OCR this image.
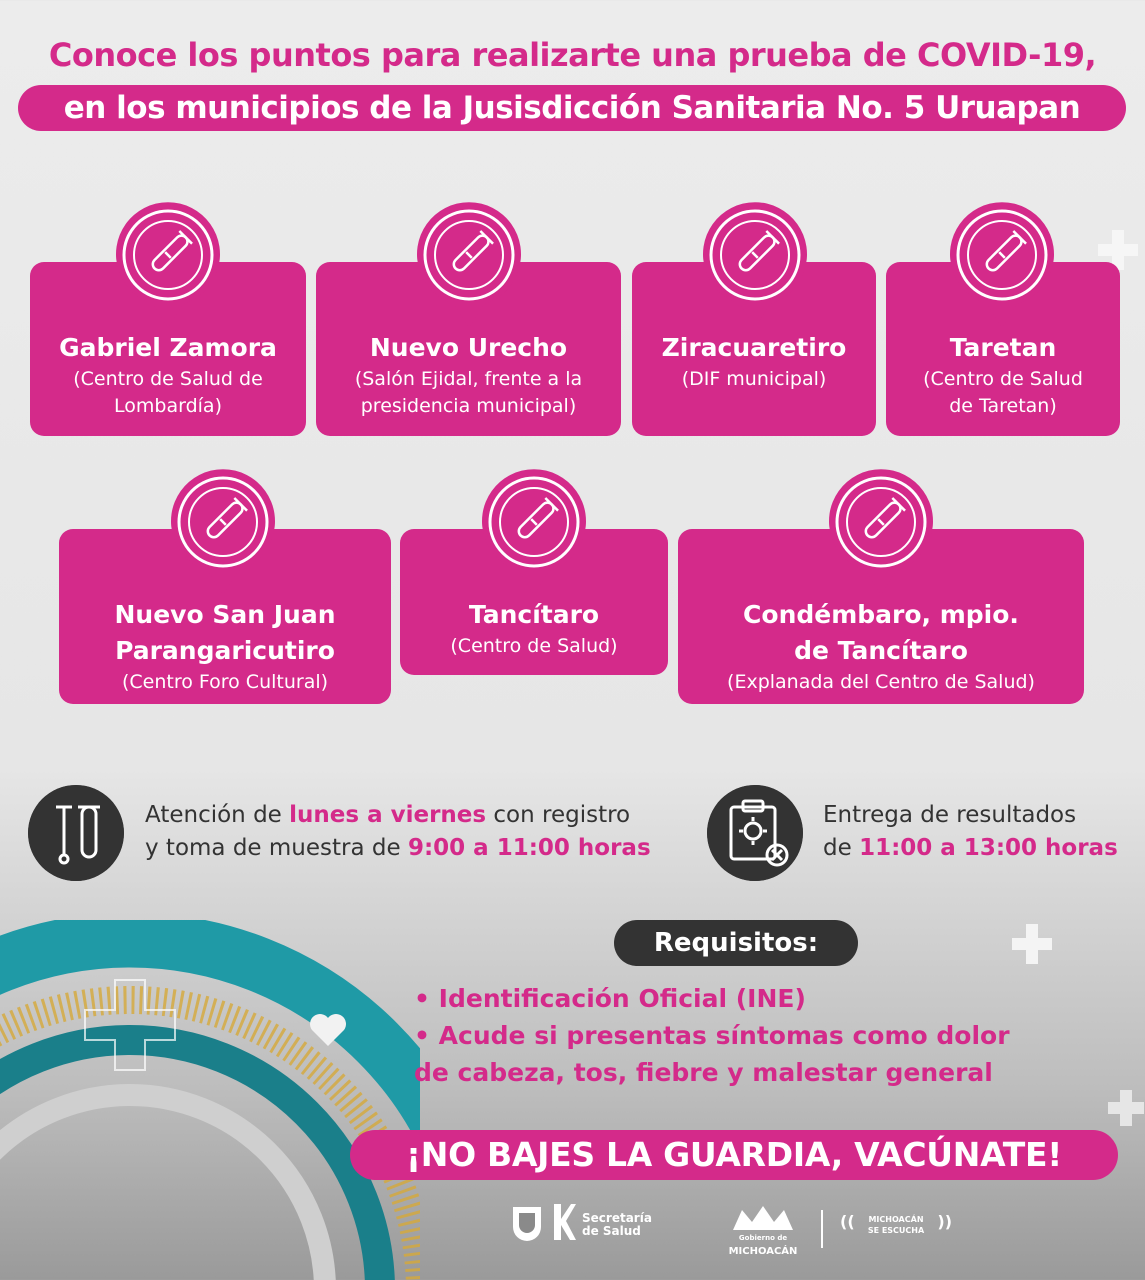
Conoce los puntos para realizarte una prueba de COVID-19,
en los municipios de la Jusisdicción Sanitaria No. 5 Uruapan
Gabriel Zamora
(Centro de Salud de
Lombardía)
Nuevo Urecho
(Salón Ejidal, frente a la
presidencia municipal)
Ziracuaretiro
(DIF municipal)
Taretan
(Centro de Salud
de Taretan)
Nuevo San Juan
Parangaricutiro
(Centro Foro Cultural)
Tancítaro
(Centro de Salud)
Condémbaro, mpio.
de Tancítaro
(Explanada del Centro de Salud)
Atención de lunes a viernes con registro
y toma de muestra de 9:00 a 11:00 horas
Entrega de resultados
de 11:00 a 13:00 horas
Requisitos:
• Identificación Oficial (INE)
• Acude si presentas síntomas como dolor
de cabeza, tos, fiebre y malestar general
¡NO BAJES LA GUARDIA, VACÚNATE!
Secretaría
de Salud	Gobierno de
MICHOACÁN
((	))
MICHOACÁN
SE ESCUCHA
